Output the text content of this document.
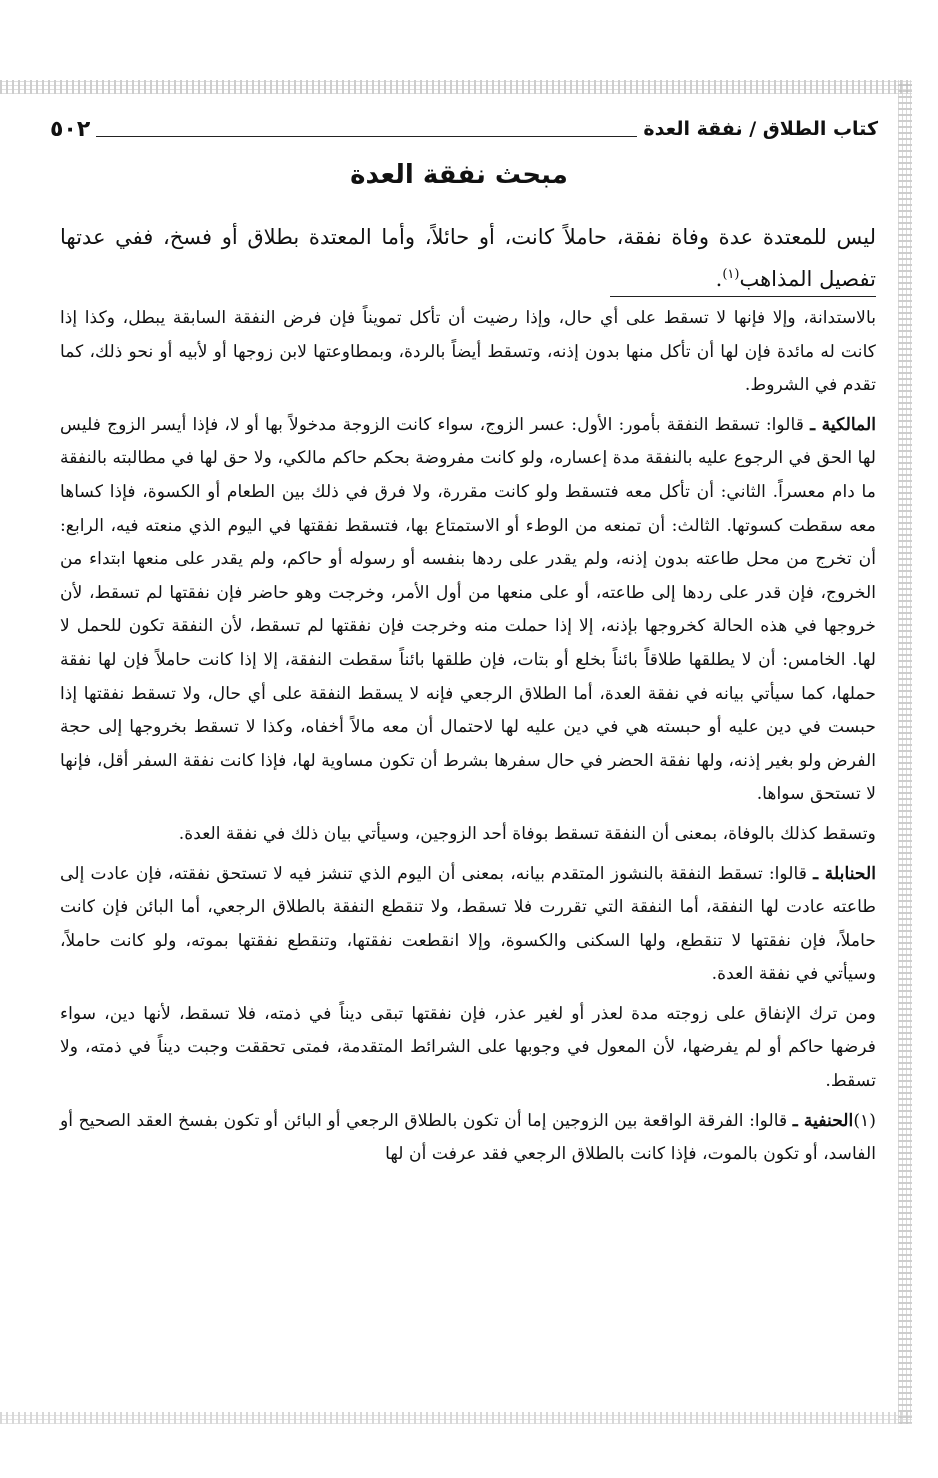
كتاب الطلاق / نفقة العدة
٥٠٢
مبحث نفقة العدة
ليس للمعتدة عدة وفاة نفقة، حاملاً كانت، أو حائلاً، وأما المعتدة بطلاق أو فسخ، ففي عدتها تفصيل المذاهب$^{(١)}$.

بالاستدانة، وإلا فإنها لا تسقط على أي حال، وإذا رضيت أن تأكل تمويناً فإن فرض النفقة السابقة يبطل، وكذا إذا كانت له مائدة فإن لها أن تأكل منها بدون إذنه، وتسقط أيضاً بالردة، وبمطاوعتها لابن زوجها أو لأبيه أو نحو ذلك، كما تقدم في الشروط.

المالكية ـ قالوا: تسقط النفقة بأمور: الأول: عسر الزوج، سواء كانت الزوجة مدخولاً بها أو لا، فإذا أيسر الزوج فليس لها الحق في الرجوع عليه بالنفقة مدة إعساره، ولو كانت مفروضة بحكم حاكم مالكي، ولا حق لها في مطالبته بالنفقة ما دام معسراً. الثاني: أن تأكل معه فتسقط ولو كانت مقررة، ولا فرق في ذلك بين الطعام أو الكسوة، فإذا كساها معه سقطت كسوتها. الثالث: أن تمنعه من الوطء أو الاستمتاع بها، فتسقط نفقتها في اليوم الذي منعته فيه، الرابع: أن تخرج من محل طاعته بدون إذنه، ولم يقدر على ردها بنفسه أو رسوله أو حاكم، ولم يقدر على منعها ابتداء من الخروج، فإن قدر على ردها إلى طاعته، أو على منعها من أول الأمر، وخرجت وهو حاضر فإن نفقتها لم تسقط، لأن خروجها في هذه الحالة كخروجها بإذنه، إلا إذا حملت منه وخرجت فإن نفقتها لم تسقط، لأن النفقة تكون للحمل لا لها. الخامس: أن لا يطلقها طلاقاً بائناً بخلع أو بتات، فإن طلقها بائناً سقطت النفقة، إلا إذا كانت حاملاً فإن لها نفقة حملها، كما سيأتي بيانه في نفقة العدة، أما الطلاق الرجعي فإنه لا يسقط النفقة على أي حال، ولا تسقط نفقتها إذا حبست في دين عليه أو حبسته هي في دين عليه لها لاحتمال أن معه مالاً أخفاه، وكذا لا تسقط بخروجها إلى حجة الفرض ولو بغير إذنه، ولها نفقة الحضر في حال سفرها بشرط أن تكون مساوية لها، فإذا كانت نفقة السفر أقل، فإنها لا تستحق سواها.

وتسقط كذلك بالوفاة، بمعنى أن النفقة تسقط بوفاة أحد الزوجين، وسيأتي بيان ذلك في نفقة العدة.

الحنابلة ـ قالوا: تسقط النفقة بالنشوز المتقدم بيانه، بمعنى أن اليوم الذي تنشز فيه لا تستحق نفقته، فإن عادت إلى طاعته عادت لها النفقة، أما النفقة التي تقررت فلا تسقط، ولا تنقطع النفقة بالطلاق الرجعي، أما البائن فإن كانت حاملاً، فإن نفقتها لا تنقطع، ولها السكنى والكسوة، وإلا انقطعت نفقتها، وتنقطع نفقتها بموته، ولو كانت حاملاً، وسيأتي في نفقة العدة.

ومن ترك الإنفاق على زوجته مدة لعذر أو لغير عذر، فإن نفقتها تبقى ديناً في ذمته، فلا تسقط، لأنها دين، سواء فرضها حاكم أو لم يفرضها، لأن المعول في وجوبها على الشرائط المتقدمة، فمتى تحققت وجبت ديناً في ذمته، ولا تسقط.

(١)الحنفية ـ قالوا: الفرقة الواقعة بين الزوجين إما أن تكون بالطلاق الرجعي أو البائن أو تكون بفسخ العقد الصحيح أو الفاسد، أو تكون بالموت، فإذا كانت بالطلاق الرجعي فقد عرفت أن لها
